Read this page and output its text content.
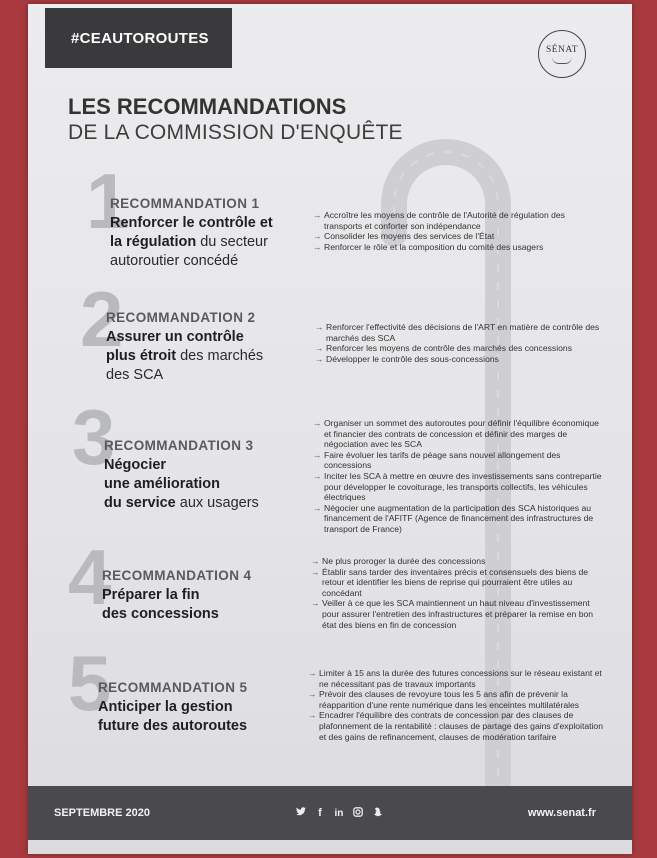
#CEAUTOROUTES
SÉNAT
LES RECOMMANDATIONS
DE LA COMMISSION D'ENQUÊTE
1
RECOMMANDATION 1
Renforcer le contrôle et
la régulation du secteur
autoroutier concédé
→ Accroître les moyens de contrôle de l'Autorité de régulation des transports et conforter son indépendance
→ Consolider les moyens des services de l'État
→ Renforcer le rôle et la composition du comité des usagers
2
RECOMMANDATION 2
Assurer un contrôle
plus étroit des marchés
des SCA
→ Renforcer l'effectivité des décisions de l'ART en matière de contrôle des marchés des SCA
→ Renforcer les moyens de contrôle des marchés des concessions
→ Développer le contrôle des sous-concessions
3
RECOMMANDATION 3
Négocier
une amélioration
du service aux usagers
→ Organiser un sommet des autoroutes pour définir l'équilibre économique et financier des contrats de concession et définir des marges de négociation avec les SCA
→ Faire évoluer les tarifs de péage sans nouvel allongement des concessions
→ Inciter les SCA à mettre en œuvre des investissements sans contrepartie pour développer le covoiturage, les transports collectifs, les véhicules électriques
→ Négocier une augmentation de la participation des SCA historiques au financement de l'AFITF (Agence de financement des infrastructures de transport de France)
4
RECOMMANDATION 4
Préparer la fin
des concessions
→ Ne plus proroger la durée des concessions
→ Établir sans tarder des inventaires précis et consensuels des biens de retour et identifier les biens de reprise qui pourraient être utiles au concédant
→ Veiller à ce que les SCA maintiennent un haut niveau d'investissement pour assurer l'entretien des infrastructures et préparer la remise en bon état des biens en fin de concession
5
RECOMMANDATION 5
Anticiper la gestion
future des autoroutes
→ Limiter à 15 ans la durée des futures concessions sur le réseau existant et ne nécessitant pas de travaux importants
→ Prévoir des clauses de revoyure tous les 5 ans afin de prévenir la réapparition d'une rente numérique dans les enceintes multilatérales
→ Encadrer l'équilibre des contrats de concession par des clauses de plafonnement de la rentabilité : clauses de partage des gains d'exploitation et des gains de refinancement, clauses de modération tarifaire
SEPTEMBRE 2020	f	in	www.senat.fr
